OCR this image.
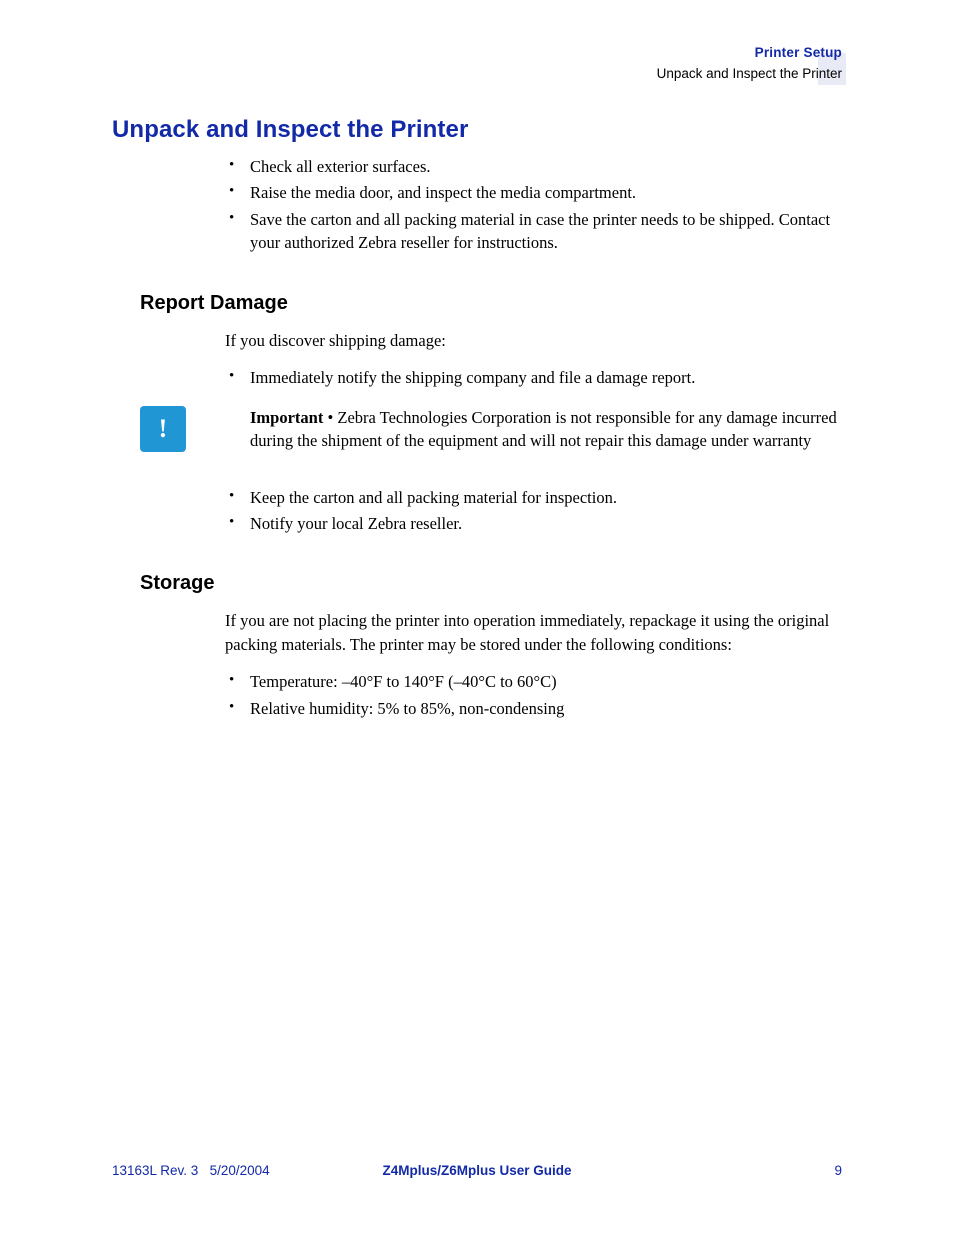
Printer Setup
Unpack and Inspect the Printer
Unpack and Inspect the Printer
• Check all exterior surfaces.
• Raise the media door, and inspect the media compartment.
• Save the carton and all packing material in case the printer needs to be shipped. Contact your authorized Zebra reseller for instructions.
Report Damage
If you discover shipping damage:
• Immediately notify the shipping company and file a damage report.
!	Important • Zebra Technologies Corporation is not responsible for any damage incurred during the shipment of the equipment and will not repair this damage under warranty
• Keep the carton and all packing material for inspection.
• Notify your local Zebra reseller.
Storage
If you are not placing the printer into operation immediately, repackage it using the original packing materials. The printer may be stored under the following conditions:
• Temperature: –40°F to 140°F (–40°C to 60°C)
• Relative humidity: 5% to 85%, non-condensing
13163L Rev. 3   5/20/2004	Z4Mplus/Z6Mplus User Guide	9
